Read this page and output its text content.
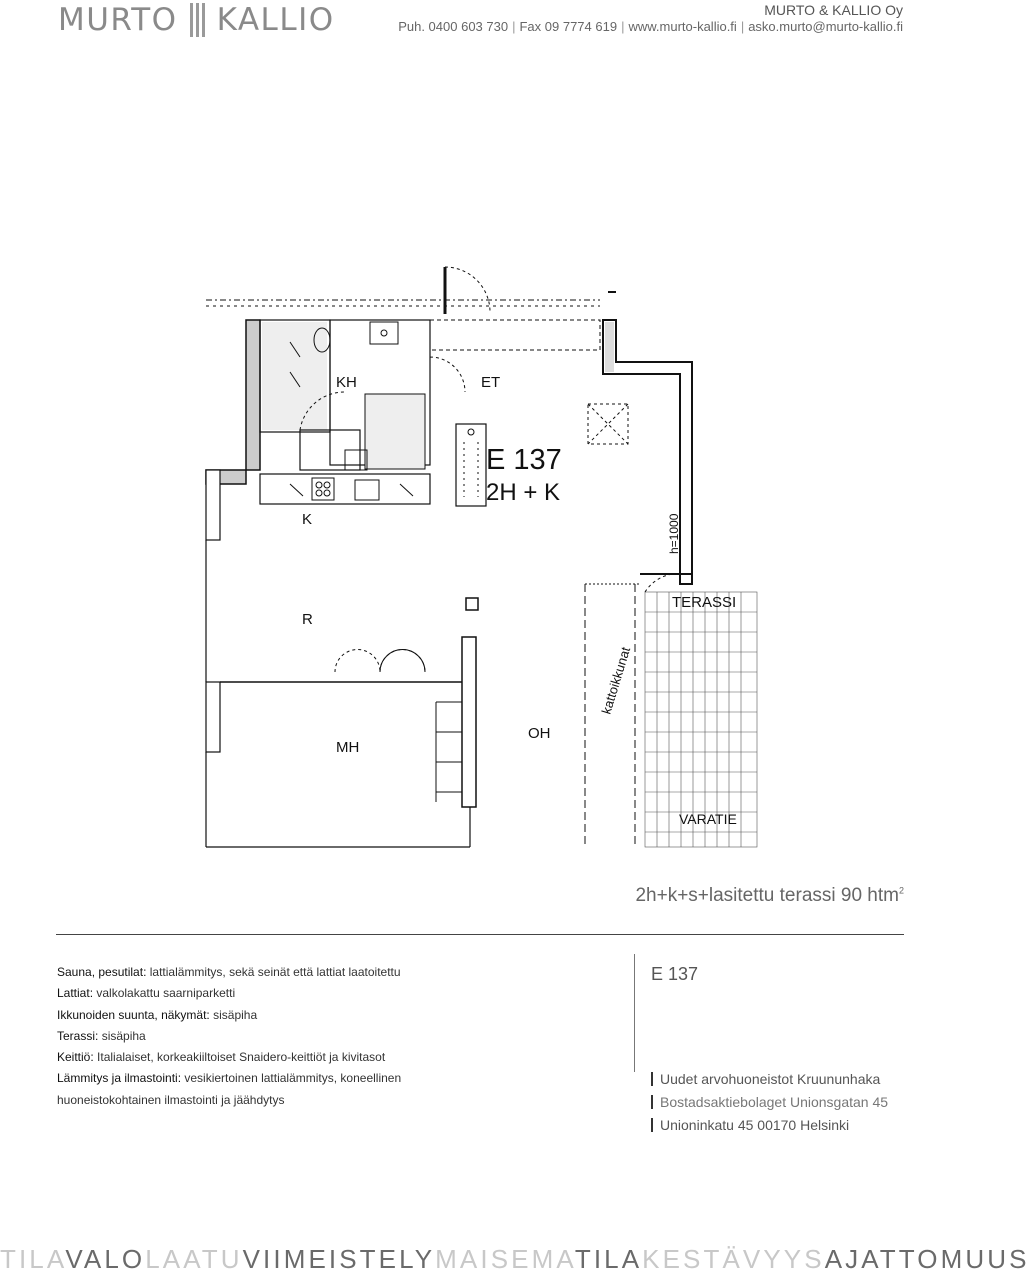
MURTO KALLIO	MURTO & KALLIO Oy
Puh. 0400 603 730 | Fax 09 7774 619 | www.murto-kallio.fi | asko.murto@murto-kallio.fi
KH	ET
E 137
2H + K
K
R
MH
OH
TERASSI
VARATIE
kattoikkunat
h=1000
2h+k+s+lasitettu terassi 90 htm$^2$
Sauna, pesutilat: lattialämmitys, sekä seinät että lattiat laatoitettu
Lattiat: valkolakattu saarniparketti
Ikkunoiden suunta, näkymät: sisäpiha
Terassi: sisäpiha
Keittiö: Italialaiset, korkeakiiltoiset Snaidero-keittiöt ja kivitasot
Lämmitys ja ilmastointi: vesikiertoinen lattialämmitys, koneellinen
huoneistokohtainen ilmastointi ja jäähdytys
E 137
Uudet arvohuoneistot Kruununhaka
Bostadsaktiebolaget Unionsgatan 45
Unioninkatu 45 00170 Helsinki
TILAVALOLAATUVIIMEISTELYMAISEMATILAKESTÄVYYSAJATTOMUUS
